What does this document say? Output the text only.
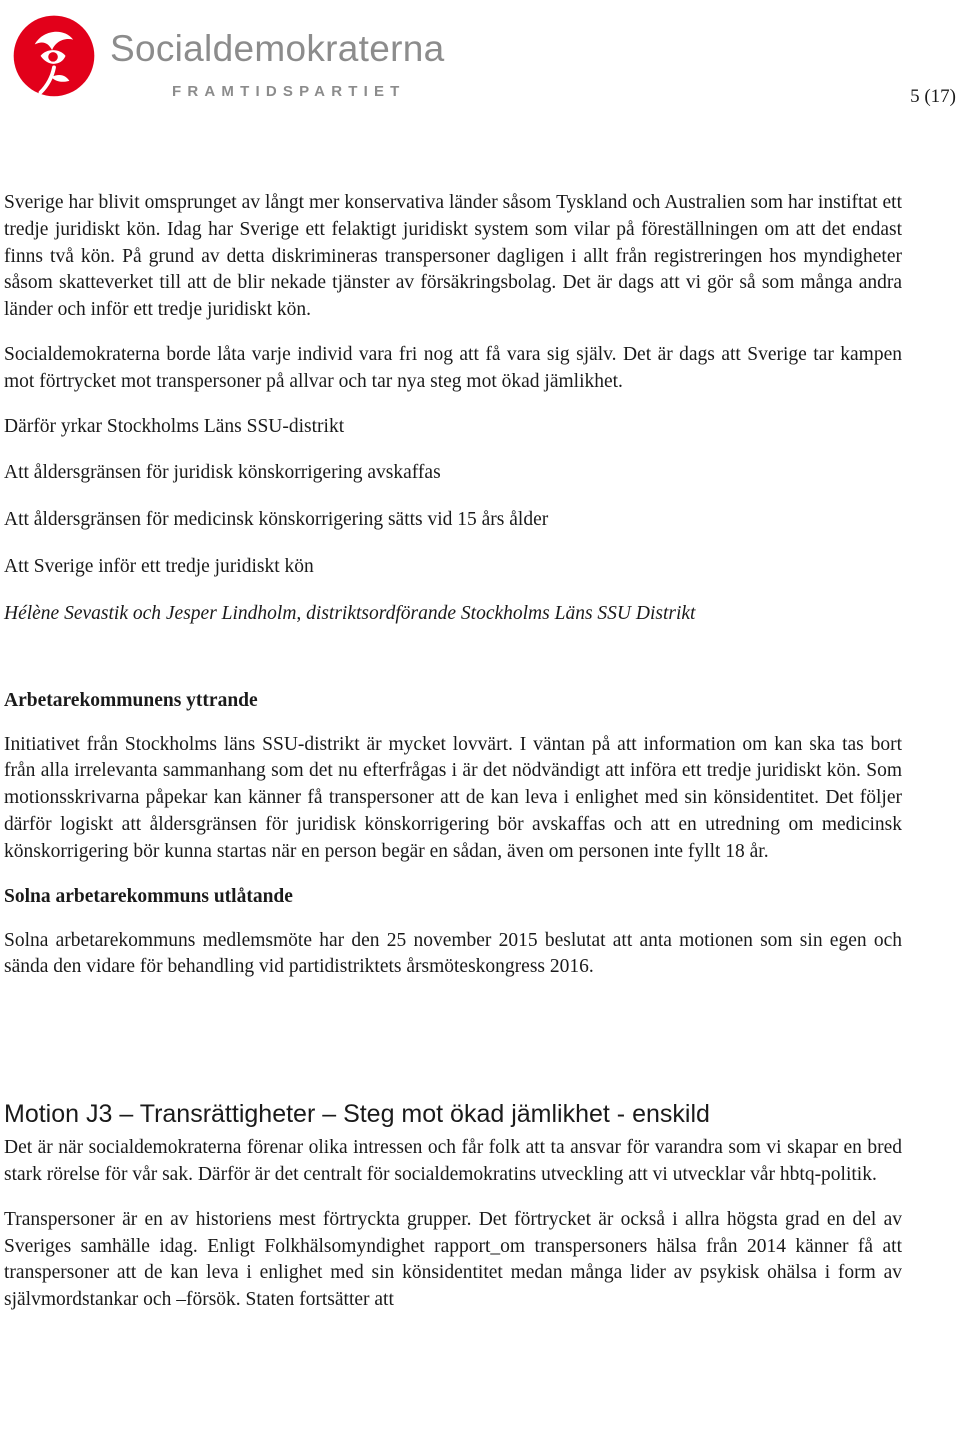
Socialdemokraterna
FRAMTIDSPARTIET	5 (17)

Sverige har blivit omsprunget av långt mer konservativa länder såsom Tyskland och Australien som har instiftat ett tredje juridiskt kön. Idag har Sverige ett felaktigt juridiskt system som vilar på föreställningen om att det endast finns två kön. På grund av detta diskrimineras transpersoner dagligen i allt från registreringen hos myndigheter såsom skatteverket till att de blir nekade tjänster av försäkringsbolag. Det är dags att vi gör så som många andra länder och inför ett tredje juridiskt kön.

Socialdemokraterna borde låta varje individ vara fri nog att få vara sig själv. Det är dags att Sverige tar kampen mot förtrycket mot transpersoner på allvar och tar nya steg mot ökad jämlikhet.

Därför yrkar Stockholms Läns SSU-distrikt

Att åldersgränsen för juridisk könskorrigering avskaffas

Att åldersgränsen för medicinsk könskorrigering sätts vid 15 års ålder

Att Sverige inför ett tredje juridiskt kön

Hélène Sevastik och Jesper Lindholm, distriktsordförande Stockholms Läns SSU Distrikt

Arbetarekommunens yttrande

Initiativet från Stockholms läns SSU-distrikt är mycket lovvärt. I väntan på att information om kan ska tas bort från alla irrelevanta sammanhang som det nu efterfrågas i är det nödvändigt att införa ett tredje juridiskt kön. Som motionsskrivarna påpekar kan känner få transpersoner att de kan leva i enlighet med sin könsidentitet. Det följer därför logiskt att åldersgränsen för juridisk könskorrigering bör avskaffas och att en utredning om medicinsk könskorrigering bör kunna startas när en person begär en sådan, även om personen inte fyllt 18 år.

Solna arbetarekommuns utlåtande

Solna arbetarekommuns medlemsmöte har den 25 november 2015 beslutat att anta motionen som sin egen och sända den vidare för behandling vid partidistriktets årsmöteskongress 2016.

Motion J3 – Transrättigheter – Steg mot ökad jämlikhet - enskild

Det är när socialdemokraterna förenar olika intressen och får folk att ta ansvar för varandra som vi skapar en bred stark rörelse för vår sak. Därför är det centralt för socialdemokratins utveckling att vi utvecklar vår hbtq-politik.

Transpersoner är en av historiens mest förtryckta grupper. Det förtrycket är också i allra högsta grad en del av Sveriges samhälle idag. Enligt Folkhälsomyndighet rapport_om transpersoners hälsa från 2014 känner få att transpersoner att de kan leva i enlighet med sin könsidentitet medan många lider av psykisk ohälsa i form av självmordstankar och –försök. Staten fortsätter att
